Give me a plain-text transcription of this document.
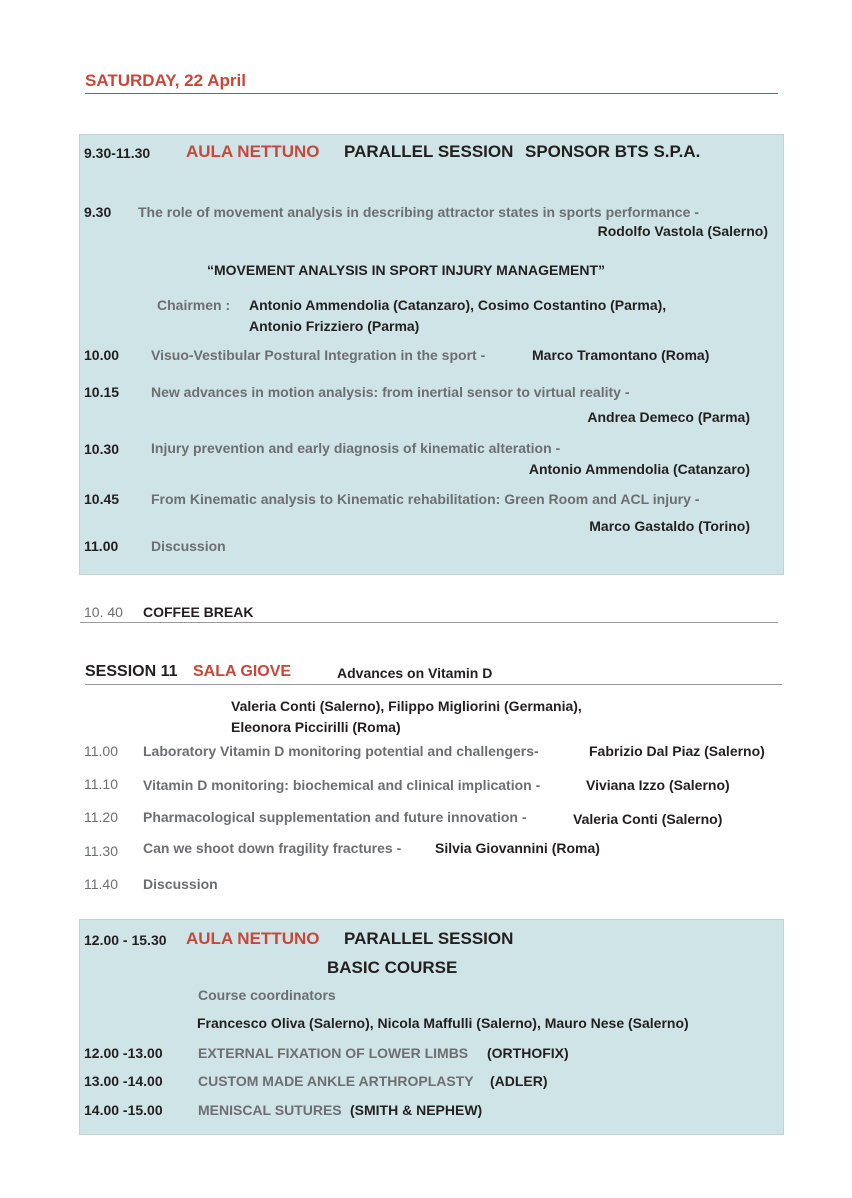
SATURDAY, 22 April
9.30-11.30 AULA NETTUNO PARALLEL SESSION SPONSOR BTS S.P.A.
9.30 The role of movement analysis in describing attractor states in sports performance -
Rodolfo Vastola (Salerno)
“MOVEMENT ANALYSIS IN SPORT INJURY MANAGEMENT”
Chairmen : Antonio Ammendolia (Catanzaro), Cosimo Costantino (Parma),
Antonio Frizziero (Parma)
10.00 Visuo-Vestibular Postural Integration in the sport -	Marco Tramontano (Roma)
10.15 New advances in motion analysis: from inertial sensor to virtual reality -
Andrea Demeco (Parma)
10.30 Injury prevention and early diagnosis of kinematic alteration -
Antonio Ammendolia (Catanzaro)
10.45 From Kinematic analysis to Kinematic rehabilitation: Green Room and ACL injury -
Marco Gastaldo (Torino)
11.00 Discussion
10. 40 COFFEE BREAK
SESSION 11 SALA GIOVE	Advances on Vitamin D
Valeria Conti (Salerno), Filippo Migliorini (Germania),
Eleonora Piccirilli (Roma)
11.00 Laboratory Vitamin D monitoring potential and challengers-	Fabrizio Dal Piaz (Salerno)
11.10 Vitamin D monitoring: biochemical and clinical implication -	Viviana Izzo (Salerno)
11.20 Pharmacological supplementation and future innovation -	Valeria Conti (Salerno)
11.30 Can we shoot down fragility fractures - Silvia Giovannini (Roma)
11.40 Discussion
12.00 - 15.30 AULA NETTUNO PARALLEL SESSION
BASIC COURSE
Course coordinators
Francesco Oliva (Salerno), Nicola Maffulli (Salerno), Mauro Nese (Salerno)
12.00 -13.00	EXTERNAL FIXATION OF LOWER LIMBS (ORTHOFIX)
13.00 -14.00	CUSTOM MADE ANKLE ARTHROPLASTY (ADLER)
14.00 -15.00	MENISCAL SUTURES (SMITH & NEPHEW)
